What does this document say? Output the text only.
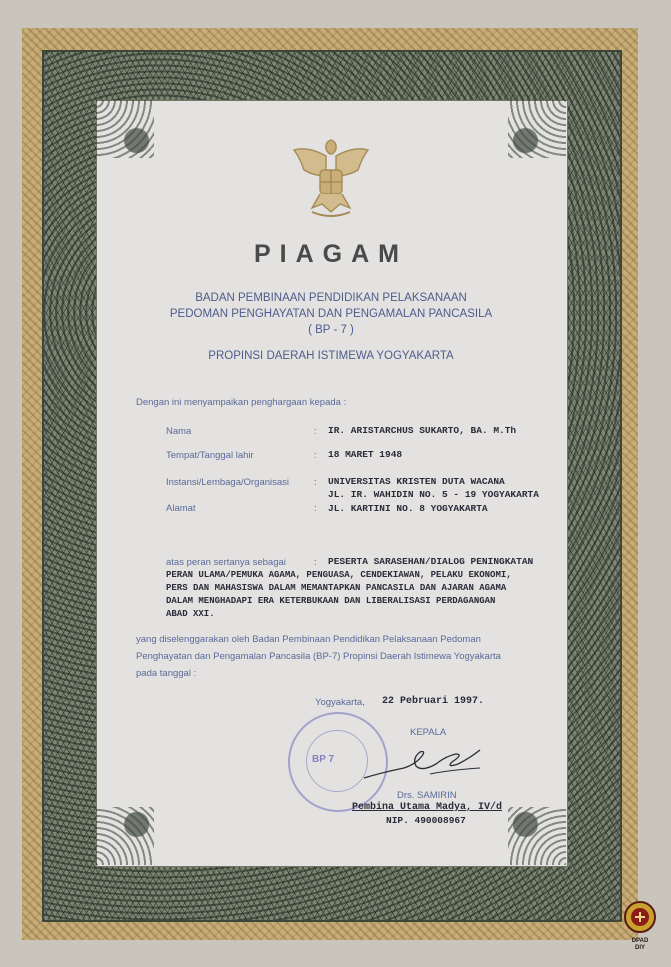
PIAGAM
BADAN PEMBINAAN PENDIDIKAN PELAKSANAAN
PEDOMAN PENGHAYATAN DAN PENGAMALAN PANCASILA
( BP - 7 )
PROPINSI DAERAH ISTIMEWA YOGYAKARTA
Dengan ini menyampaikan penghargaan kepada :
Nama	: IR. ARISTARCHUS SUKARTO, BA. M.Th
Tempat/Tanggal lahir	: 18 MARET 1948
Instansi/Lembaga/Organisasi	: UNIVERSITAS KRISTEN DUTA WACANA
JL. IR. WAHIDIN NO. 5 - 19 YOGYAKARTA
Alamat	: JL. KARTINI NO. 8 YOGYAKARTA
atas peran sertanya sebagai	: PESERTA SARASEHAN/DIALOG PENINGKATAN
PERAN ULAMA/PEMUKA AGAMA, PENGUASA, CENDEKIAWAN, PELAKU EKONOMI,
PERS DAN MAHASISWA DALAM MEMANTAPKAN PANCASILA DAN AJARAN AGAMA
DALAM MENGHADAPI ERA KETERBUKAAN DAN LIBERALISASI PERDAGANGAN
ABAD XXI.
yang diselenggarakan oleh Badan Pembinaan Pendidikan Pelaksanaan Pedoman
Penghayatan dan Pengamalan Pancasila (BP-7) Propinsi Daerah Istimewa Yogyakarta
pada tanggal :
Yogyakarta, 22 Pebruari 1997.
KEPALA
BP 7
Drs. SAMIRIN
Pembina Utama Madya, IV/d
NIP. 490008967
DPAD
DIY
